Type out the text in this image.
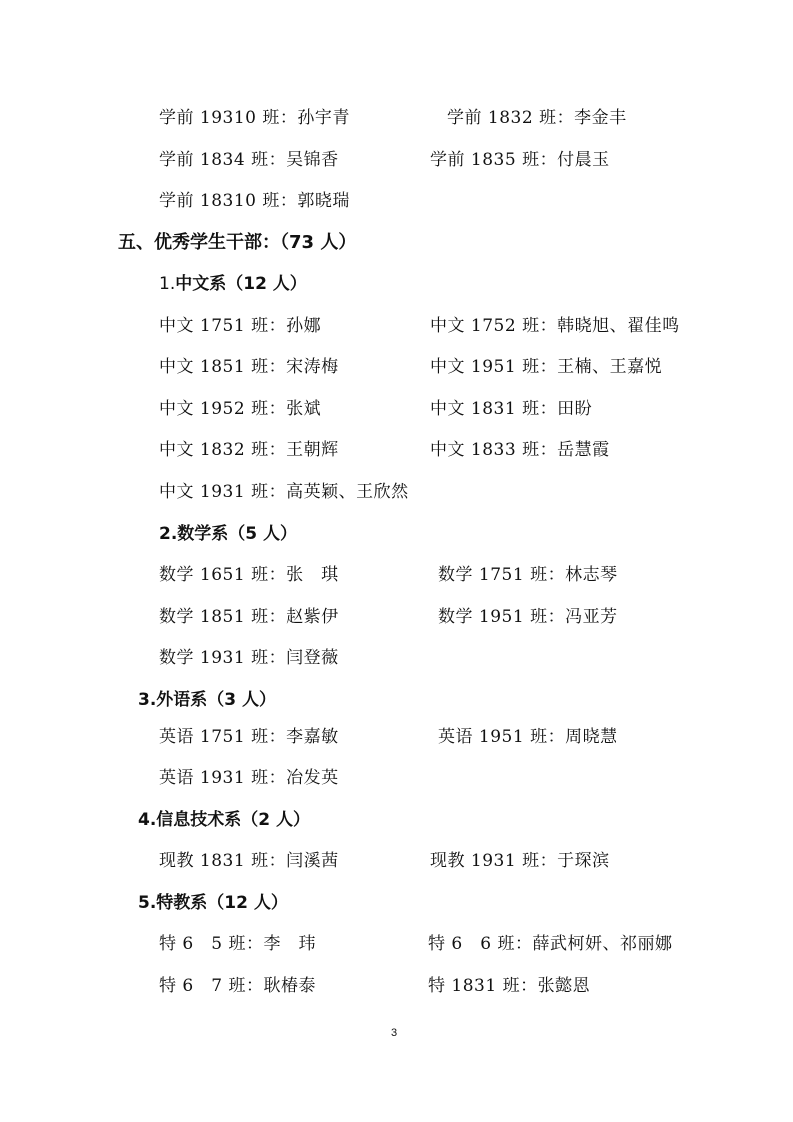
学前 19310 班：孙宇青	学前 1832 班：李金丰
学前 1834 班：吴锦香	学前 1835 班：付晨玉
学前 18310 班：郭晓瑞
五、优秀学生干部：（73 人）
1.中文系（12 人）
中文 1751 班：孙娜	中文 1752 班：韩晓旭、翟佳鸣
中文 1851 班：宋涛梅	中文 1951 班：王楠、王嘉悦
中文 1952 班：张斌	中文 1831 班：田盼
中文 1832 班：王朝辉	中文 1833 班：岳慧霞
中文 1931 班：高英颖、王欣然
2.数学系（5 人）
数学 1651 班：张　琪	数学 1751 班：林志琴
数学 1851 班：赵紫伊	数学 1951 班：冯亚芳
数学 1931 班：闫登薇
3.外语系（3 人）
英语 1751 班：李嘉敏	英语 1951 班：周晓慧
英语 1931 班：冶发英
4.信息技术系（2 人）
现教 1831 班：闫溪茜	现教 1931 班：于琛滨
5.特教系（12 人）
特 6　5 班：李　玮	特 6　6 班：薛武柯妍、祁丽娜
特 6　7 班：耿椿泰	特 1831 班：张懿恩
3
